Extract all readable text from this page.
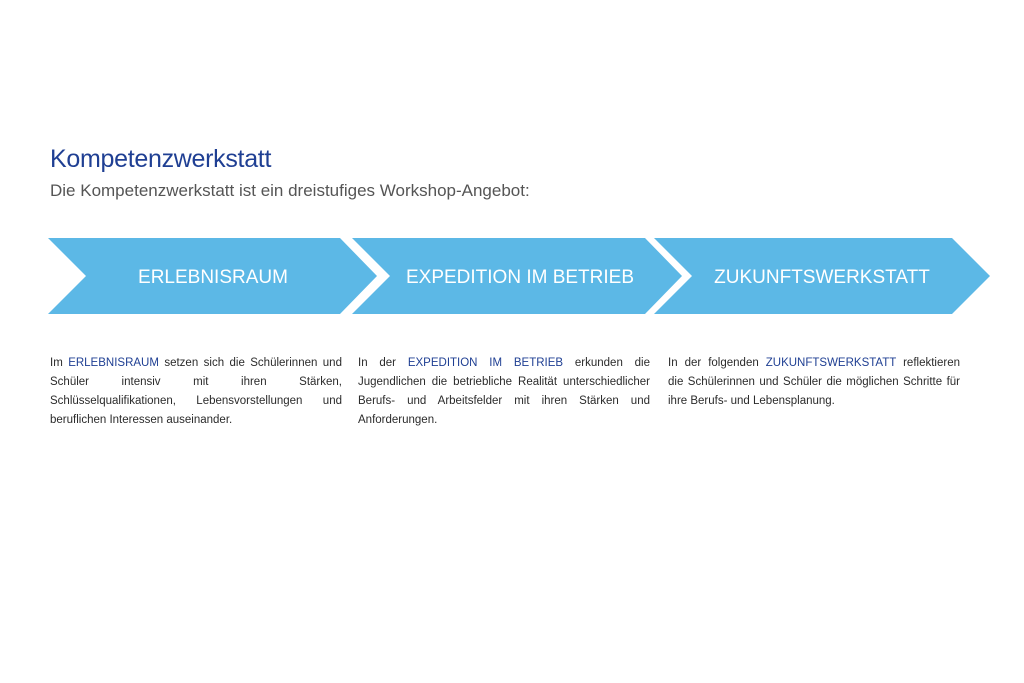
Kompetenzwerkstatt

Die Kompetenzwerkstatt ist ein dreistufiges Workshop-Angebot:

ERLEBNISRAUM	EXPEDITION IM BETRIEB	ZUKUNFTSWERKSTATT
Im ERLEBNISRAUM setzen sich die Schülerinnen und Schüler intensiv mit ihren Stärken, Schlüsselqualifikationen, Lebensvorstellungen und beruflichen Interessen auseinander.
In der EXPEDITION IM BETRIEB erkunden die Jugendlichen die betriebliche Realität unterschiedlicher Berufs- und Arbeitsfelder mit ihren Stärken und Anforderungen.
In der folgenden ZUKUNFTSWERKSTATT reflektieren die Schülerinnen und Schüler die möglichen Schritte für ihre Berufs- und Lebensplanung.
